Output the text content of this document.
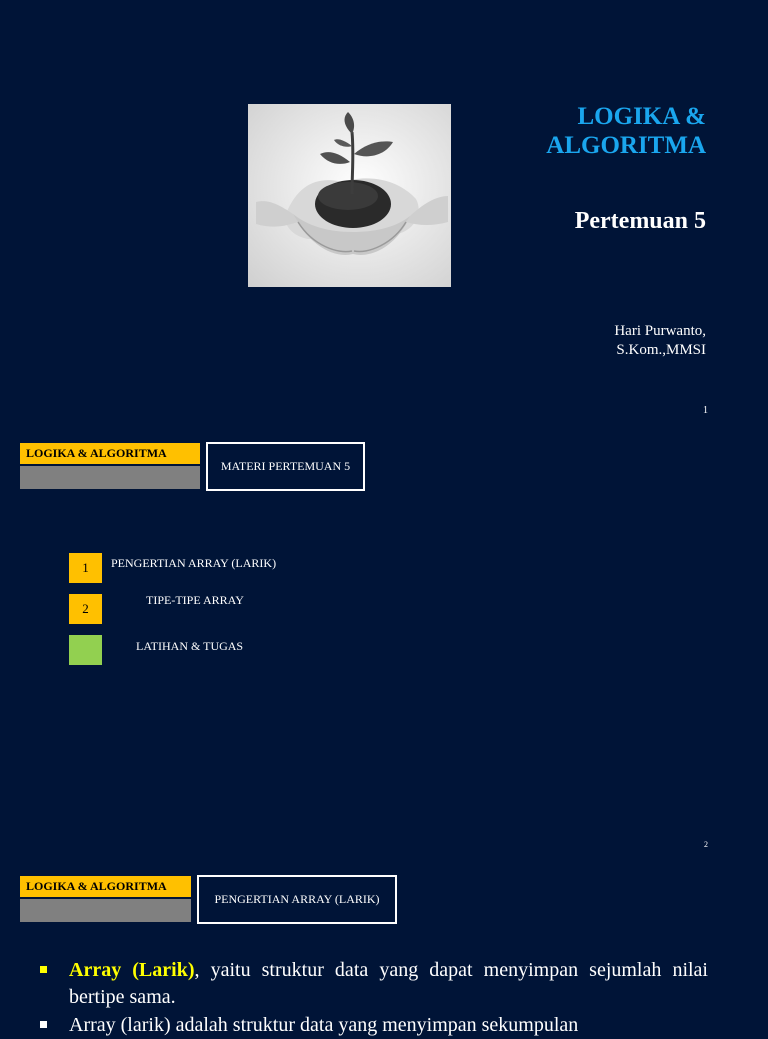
LOGIKA & ALGORITMA
Pertemuan 5
Hari Purwanto,
S.Kom.,MMSI
1
LOGIKA & ALGORITMA
MATERI PERTEMUAN 5
1 PENGERTIAN ARRAY (LARIK)
2
TIPE-TIPE ARRAY
LATIHAN & TUGAS
2
LOGIKA & ALGORITMA
PENGERTIAN ARRAY (LARIK)
Array (Larik), yaitu struktur data yang dapat menyimpan sejumlah nilai bertipe sama.
Array (larik) adalah struktur data yang menyimpan sekumpulan
